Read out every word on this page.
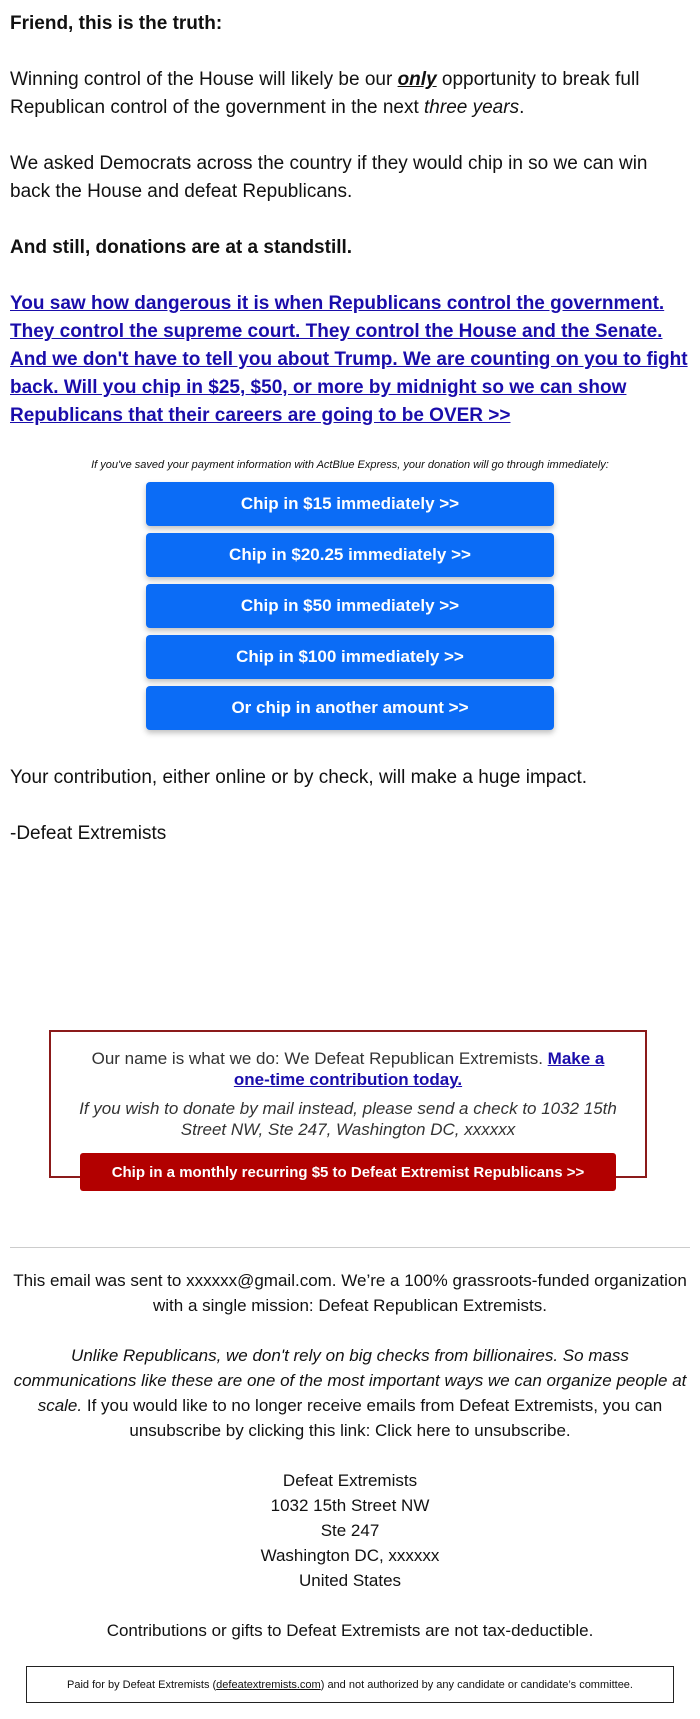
Friend, this is the truth:

Winning control of the House will likely be our only opportunity to break full Republican control of the government in the next three years.

We asked Democrats across the country if they would chip in so we can win back the House and defeat Republicans.

And still, donations are at a standstill.

You saw how dangerous it is when Republicans control the government. They control the supreme court. They control the House and the Senate. And we don't have to tell you about Trump. We are counting on you to fight back. Will you chip in $25, $50, or more by midnight so we can show Republicans that their careers are going to be OVER >>

If you've saved your payment information with ActBlue Express, your donation will go through immediately:

Chip in $15 immediately >>
Chip in $20.25 immediately >>
Chip in $50 immediately >>
Chip in $100 immediately >>
Or chip in another amount >>

Your contribution, either online or by check, will make a huge impact.

-Defeat Extremists

Our name is what we do: We Defeat Republican Extremists. Make a one-time contribution today.
If you wish to donate by mail instead, please send a check to 1032 15th Street NW, Ste 247, Washington DC, xxxxxx
Chip in a monthly recurring $5 to Defeat Extremist Republicans >>

This email was sent to xxxxxx@gmail.com. We’re a 100% grassroots-funded organization with a single mission: Defeat Republican Extremists.

Unlike Republicans, we don't rely on big checks from billionaires. So mass communications like these are one of the most important ways we can organize people at scale. If you would like to no longer receive emails from Defeat Extremists, you can unsubscribe by clicking this link: Click here to unsubscribe.

Defeat Extremists

1032 15th Street NW

Ste 247

Washington DC, xxxxxx

United States

Contributions or gifts to Defeat Extremists are not tax-deductible.

Paid for by Defeat Extremists ( defeatextremists.com ) and not authorized by any candidate or candidate’s committee.
